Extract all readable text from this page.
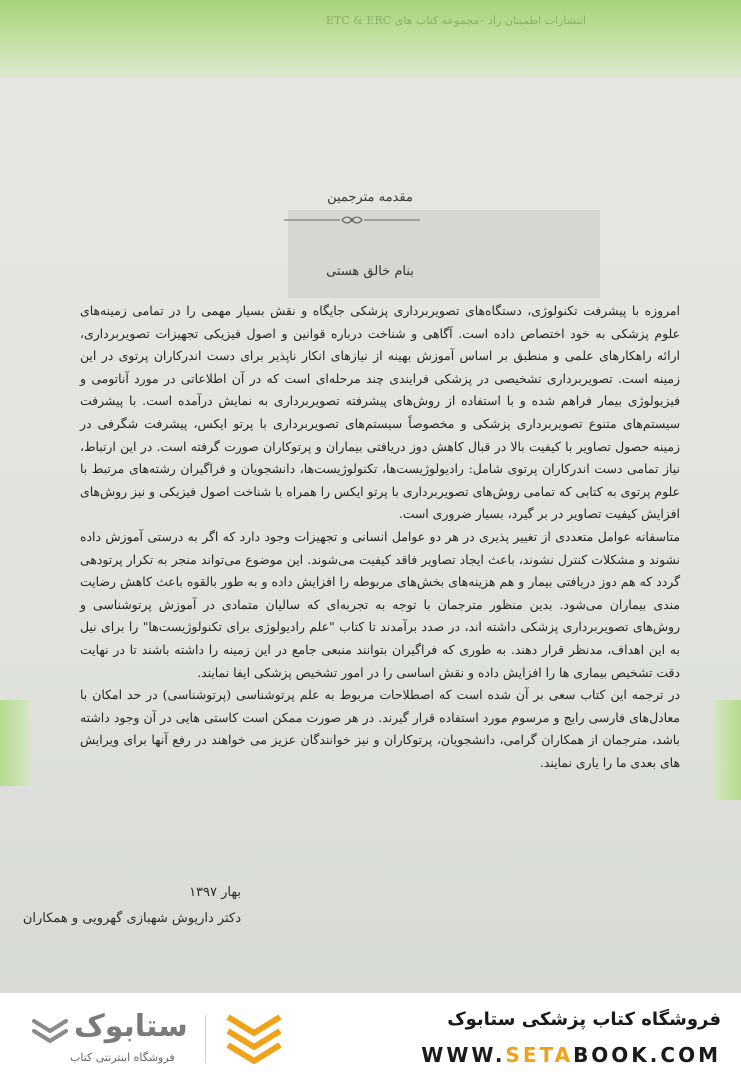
انتشارات اطمینان راد –مجموعه کتاب های ETC & ERC
مقدمه مترجمین
بنام خالق هستی

امروزه با پیشرفت تکنولوژی، دستگاه‌های تصویربرداری پزشکی جایگاه و نقش بسیار مهمی را در تمامی زمینه‌های علوم پزشکی به خود اختصاص داده است. آگاهی و شناخت درباره قوانین و اصول فیزیکی تجهیزات تصویربرداری، ارائه راهکارهای علمی و منطبق بر اساس آموزش بهینه از نیازهای انکار ناپذیر برای دست اندرکاران پرتوی در این زمینه است. تصویربرداری تشخیصی در پزشکی فرایندی چند مرحله‌ای است که در آن اطلاعاتی در مورد آناتومی و فیزیولوژی بیمار فراهم شده و با استفاده از روش‌های پیشرفته تصویربرداری به نمایش درآمده است. با پیشرفت سیستم‌های متنوع تصویربرداری پزشکی و مخصوصاً سیستم‌های تصویربرداری با پرتو ایکس، پیشرفت شگرفی در زمینه حصول تصاویر با کیفیت بالا در قبال کاهش دوز دریافتی بیماران و پرتوکاران صورت گرفته است. در این ارتباط، نیاز تمامی دست اندرکاران پرتوی شامل: رادیولوژیست‌ها، تکنولوژیست‌ها، دانشجویان و فراگیران رشته‌های مرتبط با علوم پرتوی به کتابی که تمامی روش‌های تصویربرداری با پرتو ایکس را همراه با شناخت اصول فیزیکی و نیز روش‌های افزایش کیفیت تصاویر در بر گیرد، بسیار ضروری است.

متاسفانه عوامل متعددی از تغییر پذیری در هر دو عوامل انسانی و تجهیزات وجود دارد که اگر به درستی آموزش داده نشوند و مشکلات کنترل نشوند، باعث ایجاد تصاویر فاقد کیفیت می‌شوند. این موضوع می‌تواند منجر به تکرار پرتودهی گردد که هم دوز دریافتی بیمار و هم هزینه‌های بخش‌های مربوطه را افزایش داده و به طور بالقوه باعث کاهش رضایت مندی بیماران می‌شود. بدین منظور مترجمان با توجه به تجربه‌ای که سالیان متمادی در آموزش پرتوشناسی و روش‌های تصویربرداری پزشکی داشته اند، در صدد برآمدند تا کتاب "علم رادیولوژی برای تکنولوژیست‌ها" را برای نیل به این اهداف، مدنظر قرار دهند. به طوری که فراگیران بتوانند منبعی جامع در این زمینه را داشته باشند تا در نهایت دقت تشخیص بیماری ها را افزایش داده و نقش اساسی را در امور تشخیص پزشکی ایفا نمایند.

در ترجمه این کتاب سعی بر آن شده است که اصطلاحات مربوط به علم پرتوشناسی (پرتوشناسی) در حد امکان با معادل‌های فارسی رایج و مرسوم مورد استفاده قرار گیرند. در هر صورت ممکن است کاستی هایی در آن وجود داشته باشد، مترجمان از همکاران گرامی، دانشجویان، پرتوکاران و نیز خوانندگان عزیز می خواهند در رفع آنها برای ویرایش های بعدی ما را یاری نمایند.

بهار ۱۳۹۷
دکتر داریوش شهبازی گهرویی و همکاران
ستابوک
فروشگاه اینترنتی کتاب
فروشگاه کتاب پزشکی ستابوک
WWW.SETABOOK.COM
